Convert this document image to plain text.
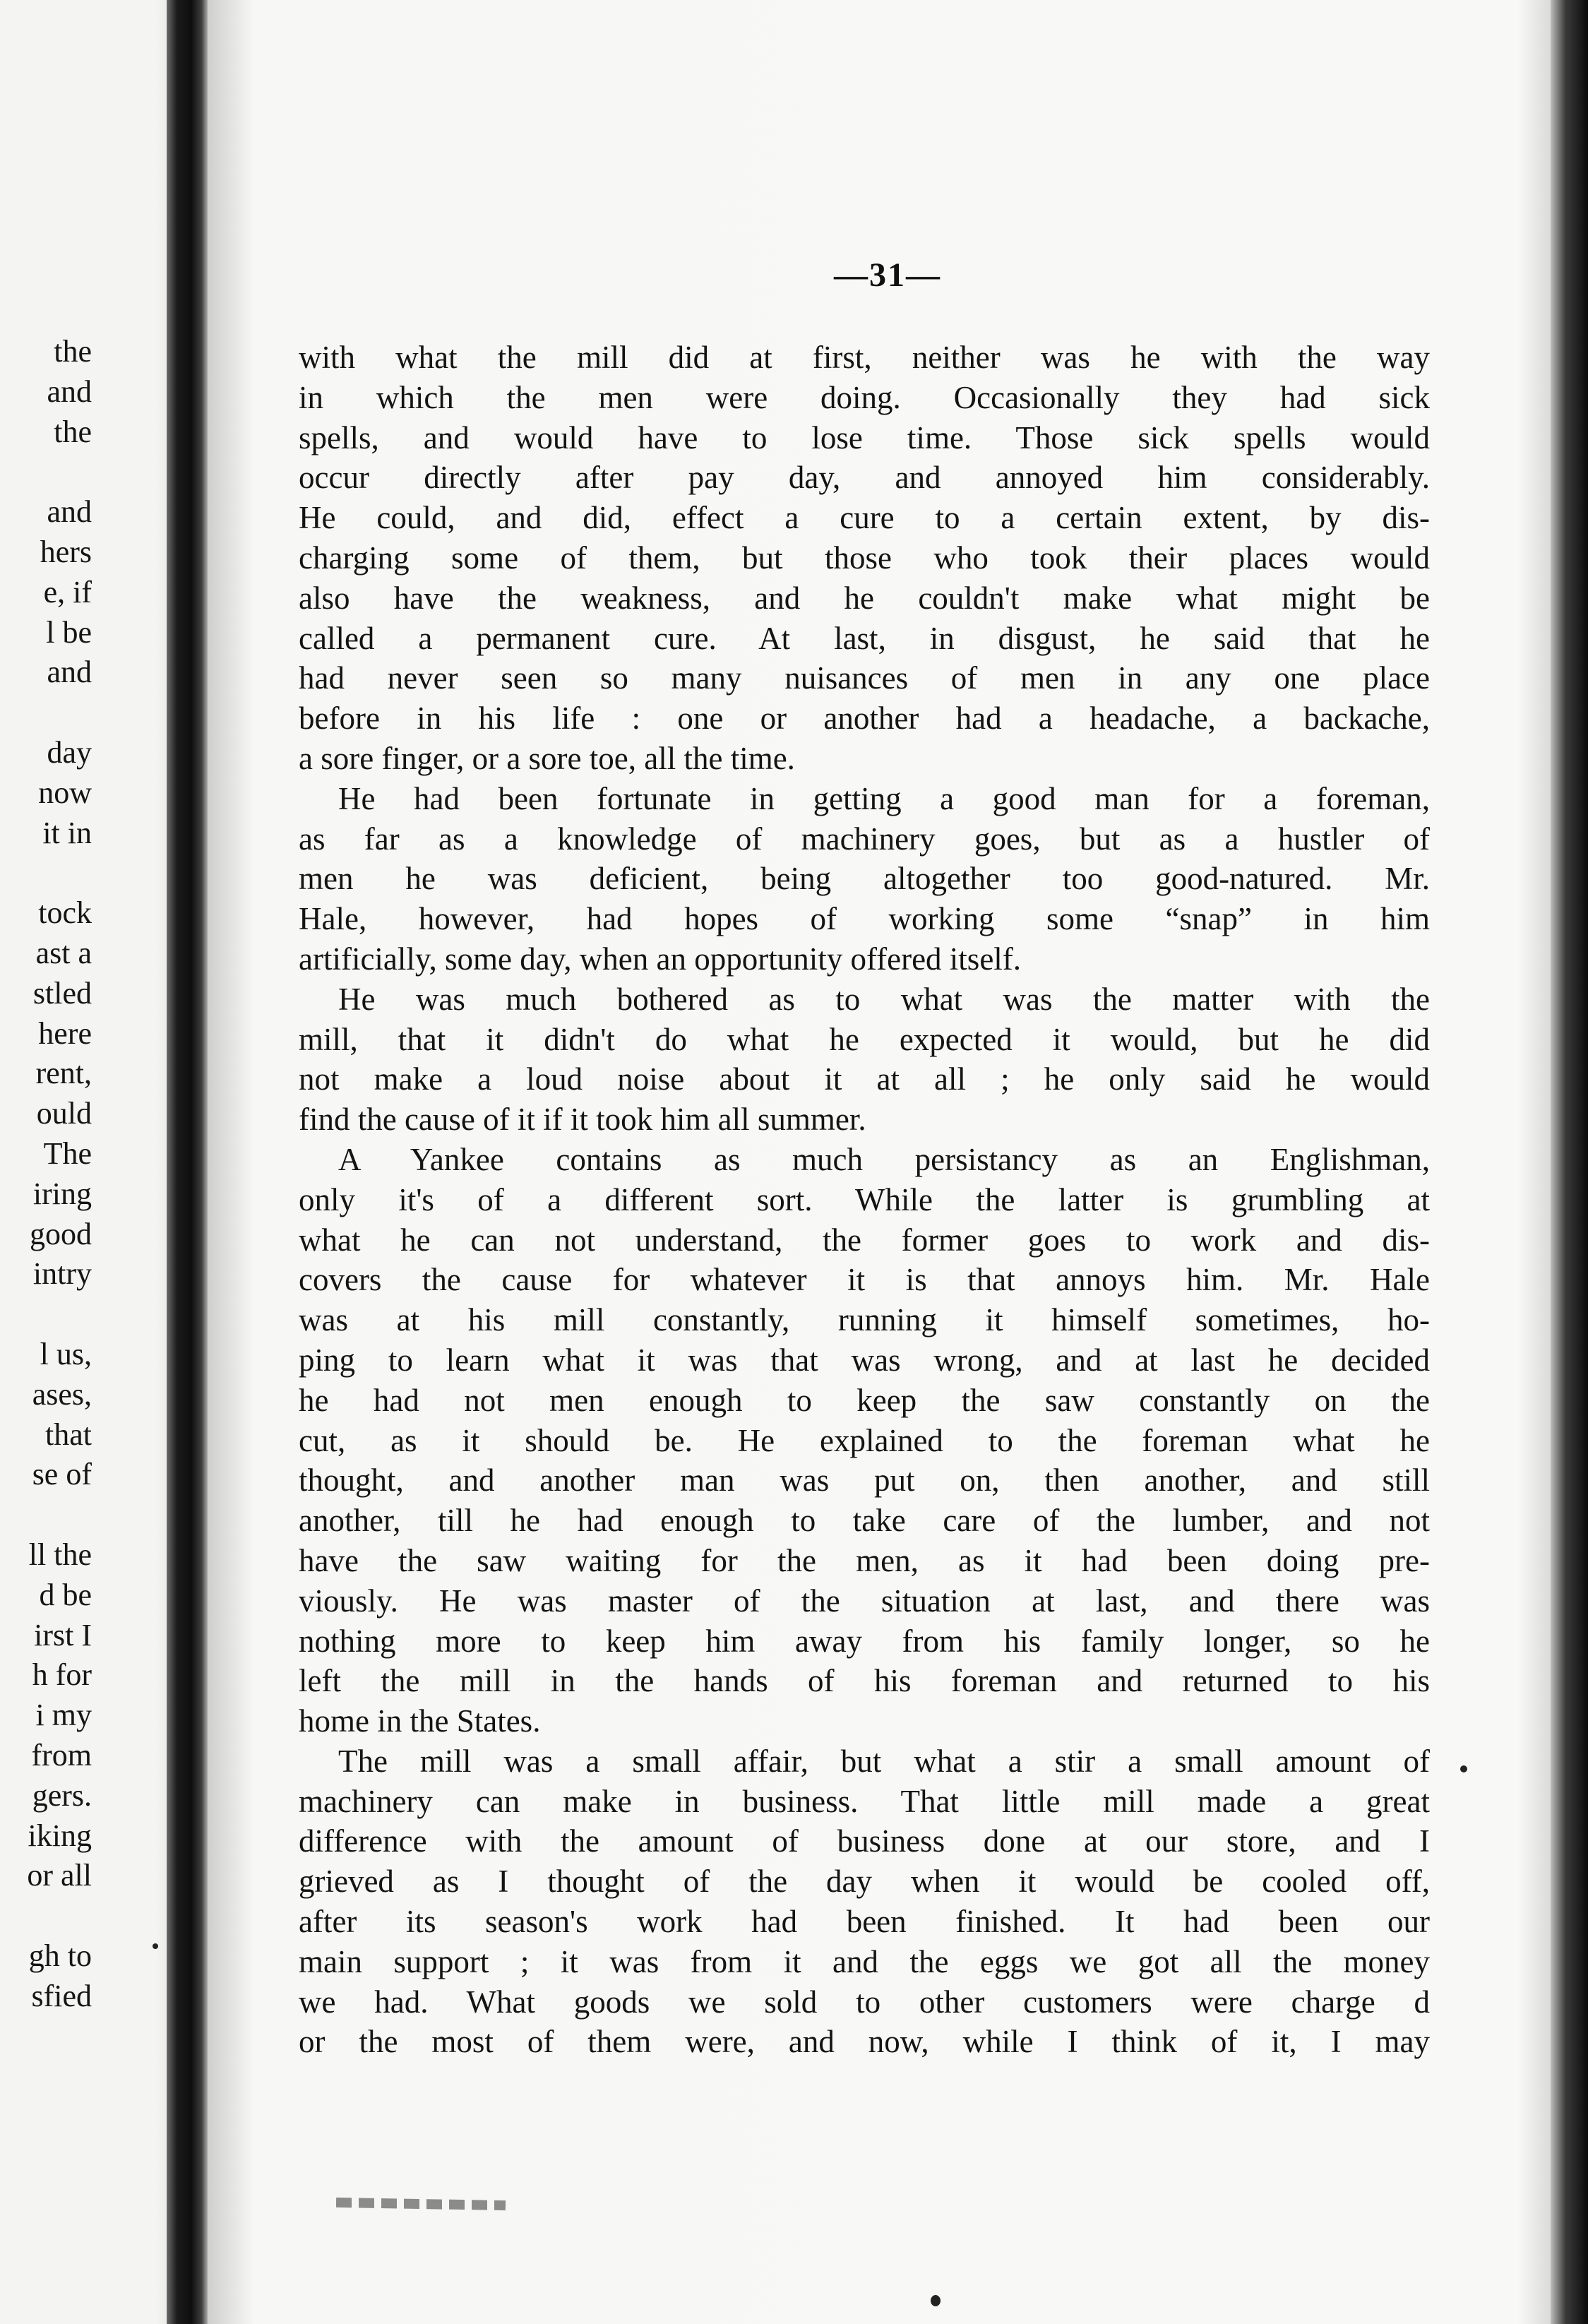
the
and
the
and
hers
e, if
l be
and
day
now
it in
tock
ast a
stled
here
rent,
ould
The
iring
good
intry
l us,
ases,
that
se of
ll the
d be
irst I
h for
i my
from
gers.
iking
or all
gh to
sfied
—31—
with what the mill did at first, neither was he with the way
in which the men were doing. Occasionally they had sick
spells, and would have to lose time. Those sick spells would
occur directly after pay day, and annoyed him considerably.
He could, and did, effect a cure to a certain extent, by dis-
charging some of them, but those who took their places would
also have the weakness, and he couldn't make what might be
called a permanent cure. At last, in disgust, he said that he
had never seen so many nuisances of men in any one place
before in his life : one or another had a headache, a backache,
a sore finger, or a sore toe, all the time.
He had been fortunate in getting a good man for a foreman,
as far as a knowledge of machinery goes, but as a hustler of
men he was deficient, being altogether too good-natured. Mr.
Hale, however, had hopes of working some “snap” in him
artificially, some day, when an opportunity offered itself.
He was much bothered as to what was the matter with the
mill, that it didn't do what he expected it would, but he did
not make a loud noise about it at all ; he only said he would
find the cause of it if it took him all summer.
A Yankee contains as much persistancy as an Englishman,
only it's of a different sort. While the latter is grumbling at
what he can not understand, the former goes to work and dis-
covers the cause for whatever it is that annoys him. Mr. Hale
was at his mill constantly, running it himself sometimes, ho-
ping to learn what it was that was wrong, and at last he decided
he had not men enough to keep the saw constantly on the
cut, as it should be. He explained to the foreman what he
thought, and another man was put on, then another, and still
another, till he had enough to take care of the lumber, and not
have the saw waiting for the men, as it had been doing pre-
viously. He was master of the situation at last, and there was
nothing more to keep him away from his family longer, so he
left the mill in the hands of his foreman and returned to his
home in the States.
The mill was a small affair, but what a stir a small amount of
machinery can make in business. That little mill made a great
difference with the amount of business done at our store, and I
grieved as I thought of the day when it would be cooled off,
after its season's work had been finished. It had been our
main support ; it was from it and the eggs we got all the money
we had. What goods we sold to other customers were charge d
or the most of them were, and now, while I think of it, I may
